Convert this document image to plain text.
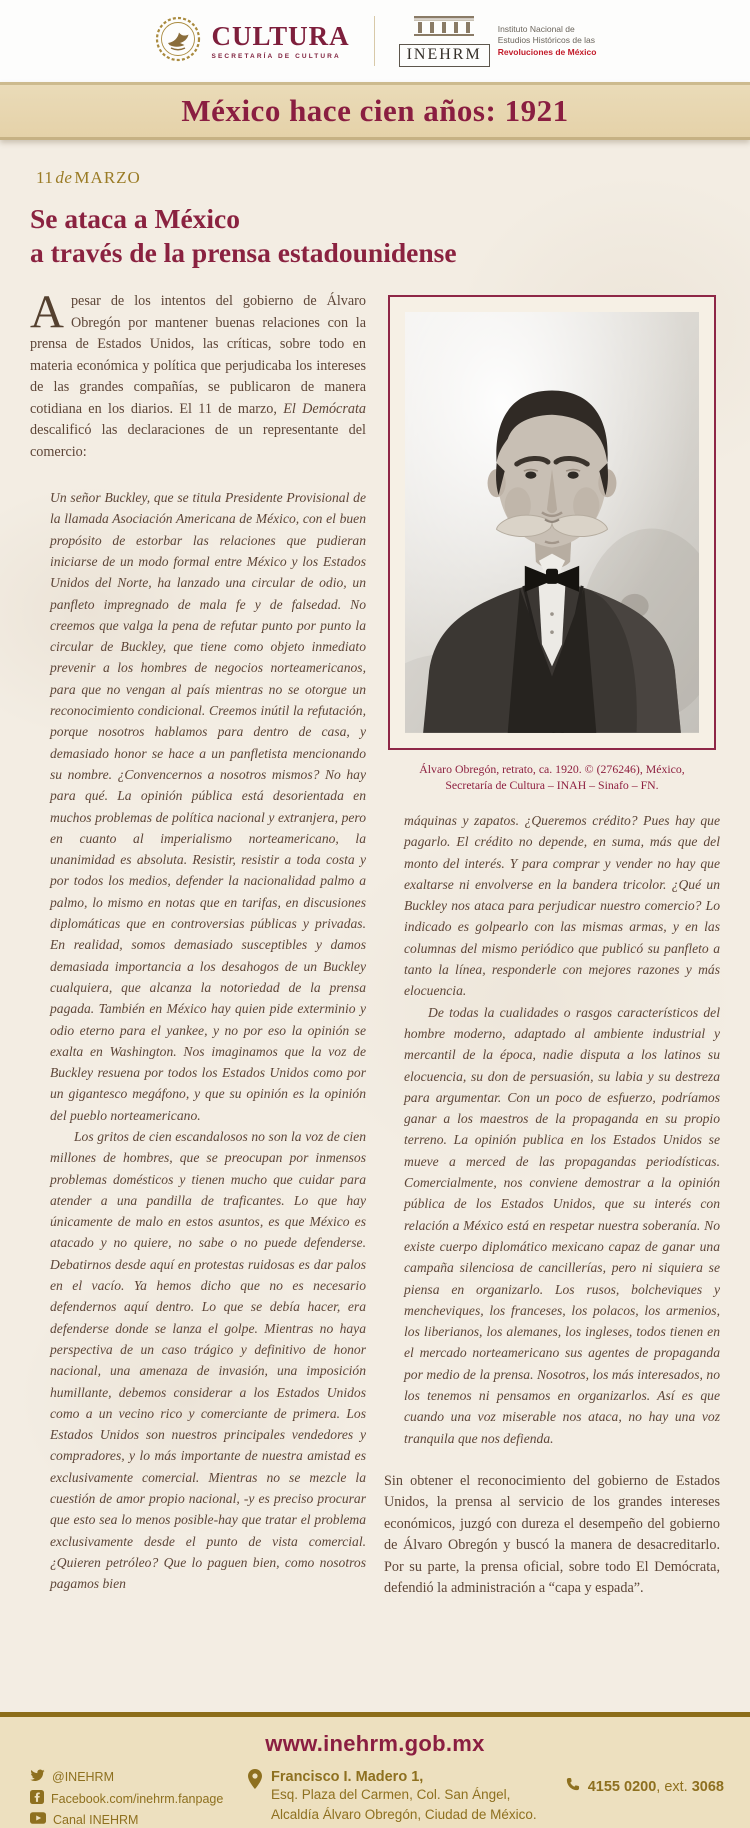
CULTURA
SECRETARÍA DE CULTURA	INEHRM
Instituto Nacional de
Estudios Históricos de las
Revoluciones de México
México hace cien años: 1921
11 de MARZO
Se ataca a México
a través de la prensa estadounidense

Apesar de los intentos del gobierno de Álvaro Obregón por mantener buenas relaciones con la prensa de Estados Unidos, las críticas, sobre todo en materia económica y política que perjudicaba los intereses de las grandes compañías, se publicaron de manera cotidiana en los diarios. El 11 de marzo, El Demócrata descalificó las declaraciones de un representante del comercio:

Un señor Buckley, que se titula Presidente Provisional de la llamada Asociación Americana de México, con el buen propósito de estorbar las relaciones que pudieran iniciarse de un modo formal entre México y los Estados Unidos del Norte, ha lanzado una circular de odio, un panfleto impregnado de mala fe y de falsedad. No creemos que valga la pena de refutar punto por punto la circular de Buckley, que tiene como objeto inmediato prevenir a los hombres de negocios norteamericanos, para que no vengan al país mientras no se otorgue un reconocimiento condicional. Creemos inútil la refutación, porque nosotros hablamos para dentro de casa, y demasiado honor se hace a un panfletista mencionando su nombre. ¿Convencernos a nosotros mismos? No hay para qué. La opinión pública está desorientada en muchos problemas de política nacional y extranjera, pero en cuanto al imperialismo norteamericano, la unanimidad es absoluta. Resistir, resistir a toda costa y por todos los medios, defender la nacionalidad palmo a palmo, lo mismo en notas que en tarifas, en discusiones diplomáticas que en controversias públicas y privadas. En realidad, somos demasiado susceptibles y damos demasiada importancia a los desahogos de un Buckley cualquiera, que alcanza la notoriedad de la prensa pagada. También en México hay quien pide exterminio y odio eterno para el yankee, y no por eso la opinión se exalta en Washington. Nos imaginamos que la voz de Buckley resuena por todos los Estados Unidos como por un gigantesco megáfono, y que su opinión es la opinión del pueblo norteamericano.

Los gritos de cien escandalosos no son la voz de cien millones de hombres, que se preocupan por inmensos problemas domésticos y tienen mucho que cuidar para atender a una pandilla de traficantes. Lo que hay únicamente de malo en estos asuntos, es que México es atacado y no quiere, no sabe o no puede defenderse. Debatirnos desde aquí en protestas ruidosas es dar palos en el vacío. Ya hemos dicho que no es necesario defendernos aquí dentro. Lo que se debía hacer, era defenderse donde se lanza el golpe. Mientras no haya perspectiva de un caso trágico y definitivo de honor nacional, una amenaza de invasión, una imposición humillante, debemos considerar a los Estados Unidos como a un vecino rico y comerciante de primera. Los Estados Unidos son nuestros principales vendedores y compradores, y lo más importante de nuestra amistad es exclusivamente comercial. Mientras no se mezcle la cuestión de amor propio nacional, -y es preciso procurar que esto sea lo menos posible-hay que tratar el problema exclusivamente desde el punto de vista comercial. ¿Quieren petróleo? Que lo paguen bien, como nosotros pagamos bien

Álvaro Obregón, retrato, ca. 1920. © (276246), México,
Secretaría de Cultura – INAH – Sinafo – FN.

máquinas y zapatos. ¿Queremos crédito? Pues hay que pagarlo. El crédito no depende, en suma, más que del monto del interés. Y para comprar y vender no hay que exaltarse ni envolverse en la bandera tricolor. ¿Qué un Buckley nos ataca para perjudicar nuestro comercio? Lo indicado es golpearlo con las mismas armas, y en las columnas del mismo periódico que publicó su panfleto a tanto la línea, responderle con mejores razones y más elocuencia.

De todas la cualidades o rasgos característicos del hombre moderno, adaptado al ambiente industrial y mercantil de la época, nadie disputa a los latinos su elocuencia, su don de persuasión, su labia y su destreza para argumentar. Con un poco de esfuerzo, podríamos ganar a los maestros de la propaganda en su propio terreno. La opinión publica en los Estados Unidos se mueve a merced de las propagandas periodísticas. Comercialmente, nos conviene demostrar a la opinión pública de los Estados Unidos, que su interés con relación a México está en respetar nuestra soberanía. No existe cuerpo diplomático mexicano capaz de ganar una campaña silenciosa de cancillerías, pero ni siquiera se piensa en organizarlo. Los rusos, bolcheviques y mencheviques, los franceses, los polacos, los armenios, los liberianos, los alemanes, los ingleses, todos tienen en el mercado norteamericano sus agentes de propaganda por medio de la prensa. Nosotros, los más interesados, no los tenemos ni pensamos en organizarlos. Así es que cuando una voz miserable nos ataca, no hay una voz tranquila que nos defienda.

Sin obtener el reconocimiento del gobierno de Estados Unidos, la prensa al servicio de los grandes intereses económicos, juzgó con dureza el desempeño del gobierno de Álvaro Obregón y buscó la manera de desacreditarlo. Por su parte, la prensa oficial, sobre todo El Demócrata, defendió la administración a “capa y espada”.

www.inehrm.gob.mx
@INEHRM
Facebook.com/inehrm.fanpage
Canal INEHRM
Francisco I. Madero 1,
Esq. Plaza del Carmen, Col. San Ángel,
Alcaldía Álvaro Obregón, Ciudad de México.
4155 0200, ext. 3068
